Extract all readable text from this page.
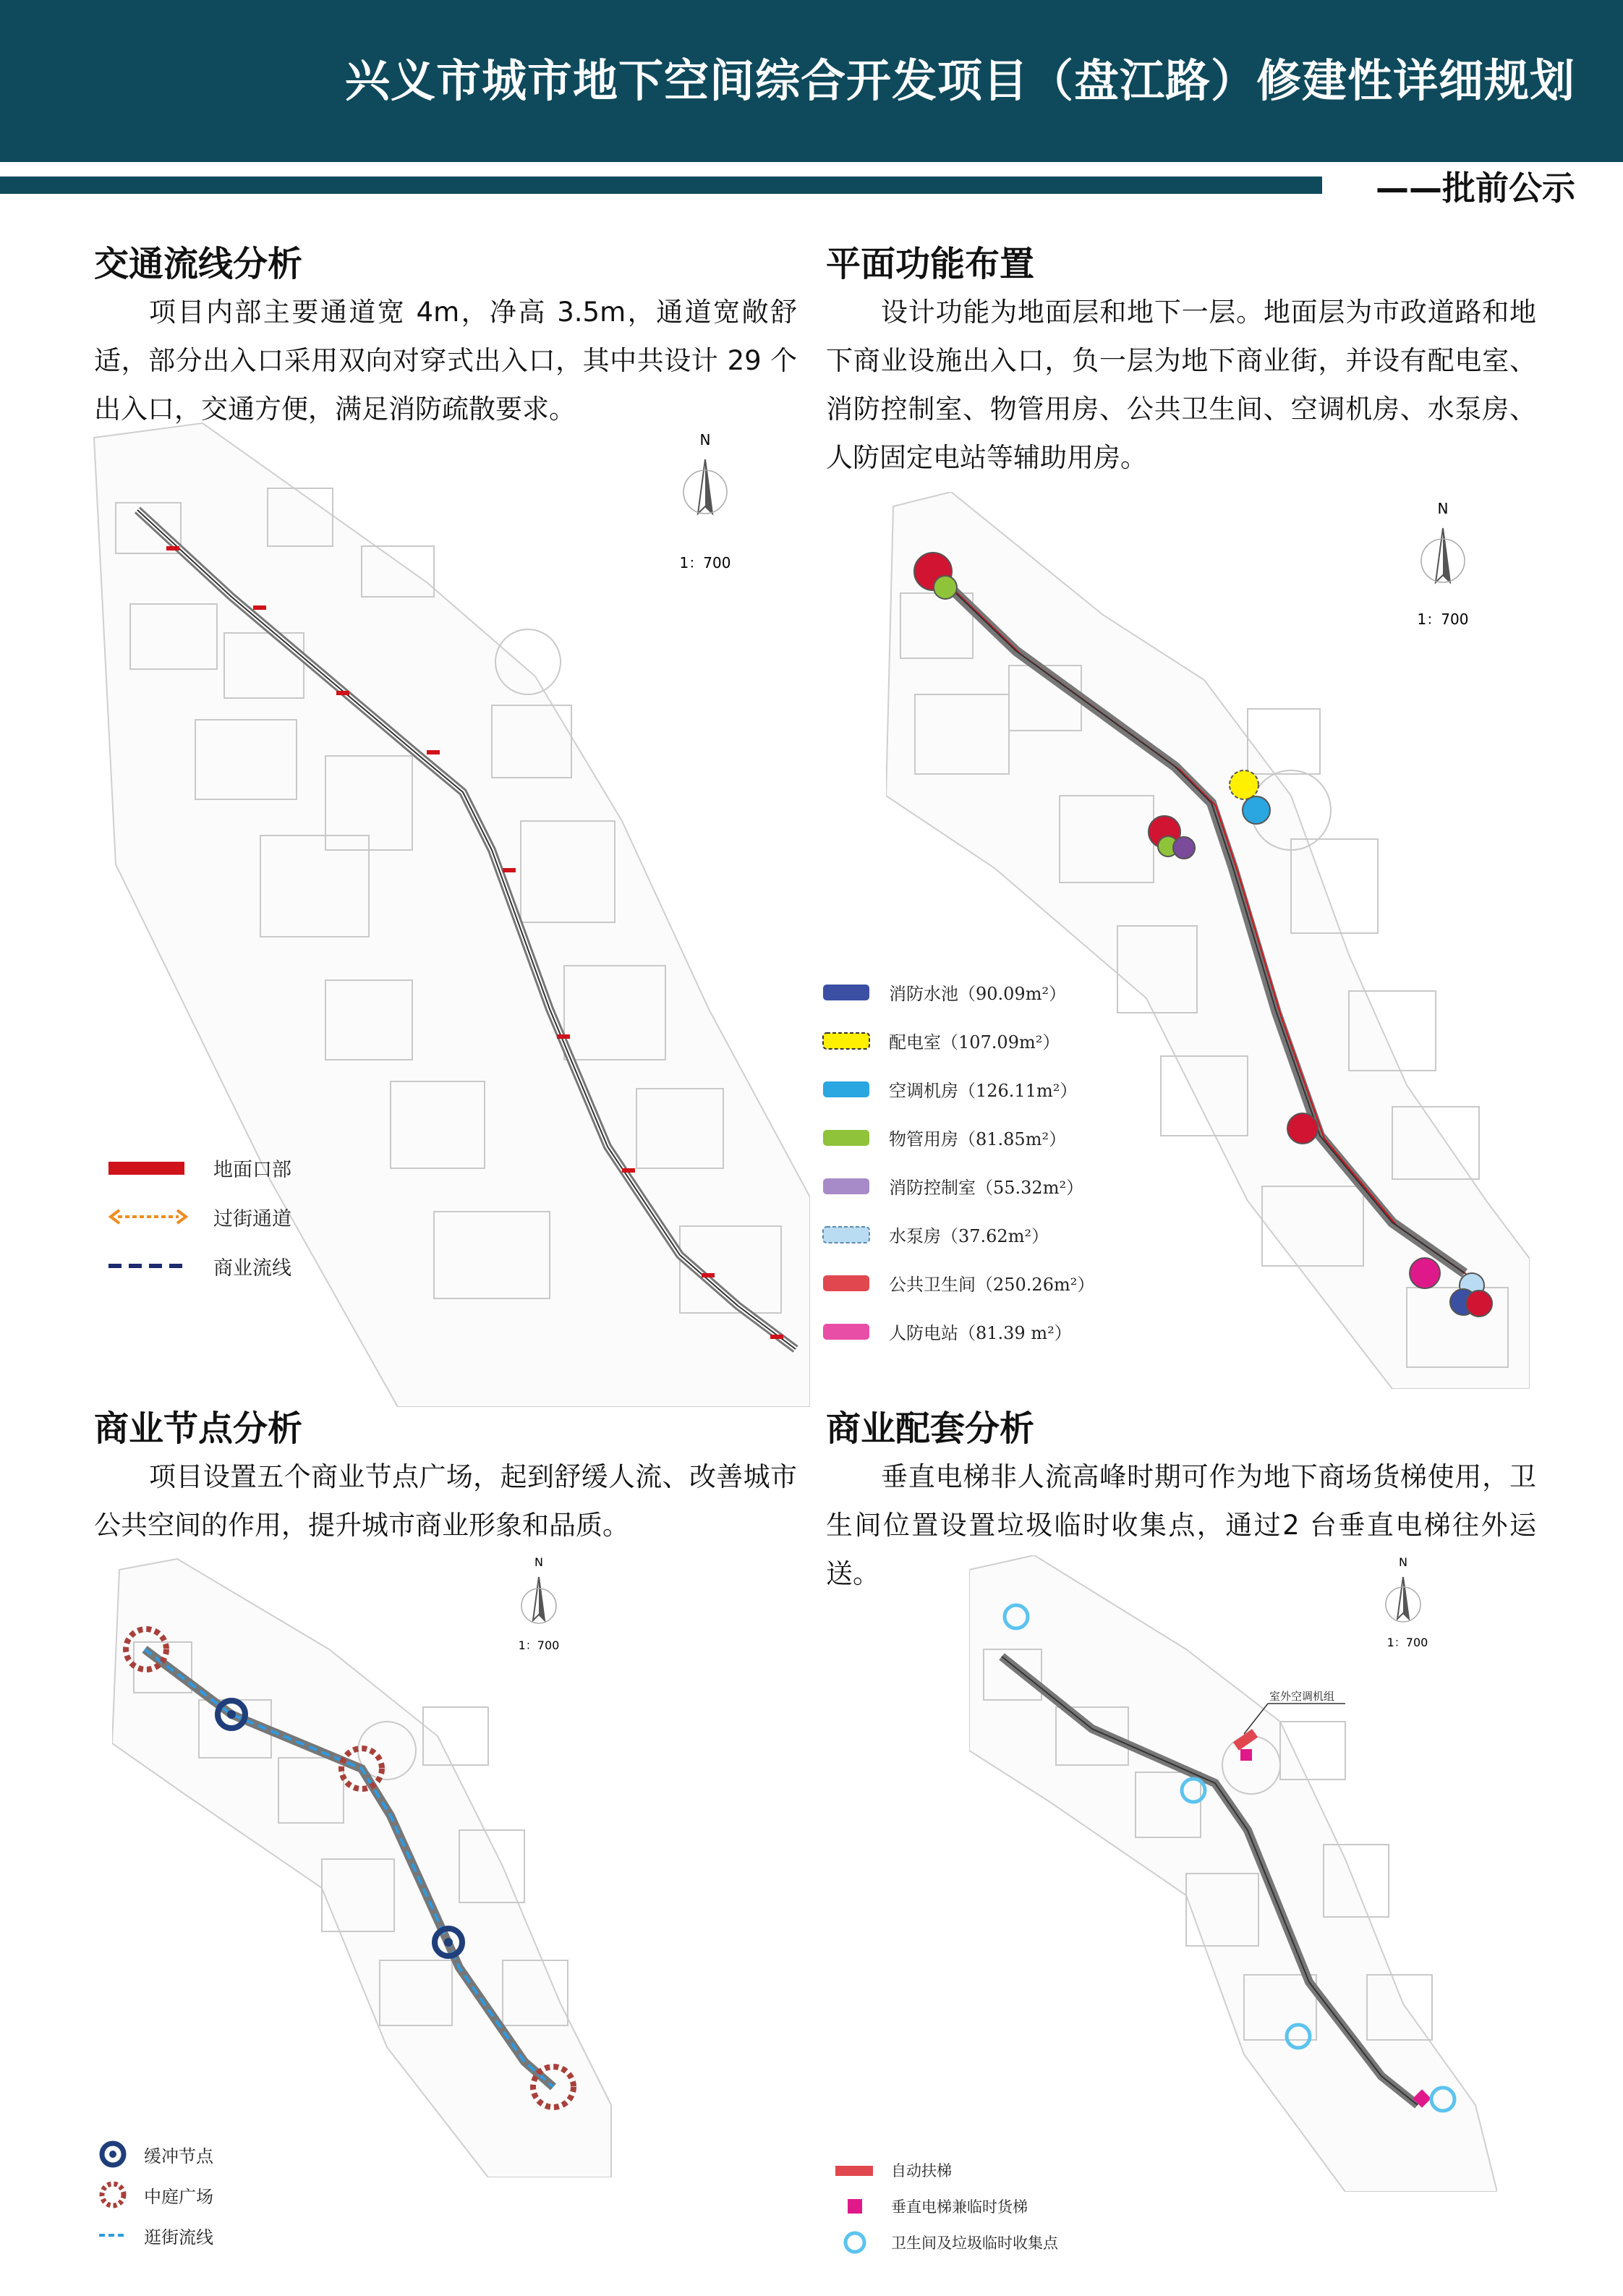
兴义市城市地下空间综合开发项目（盘江路）修建性详细规划
——批前公示
交通流线分析
项目内部主要通道宽 4m，净高 3.5m，通道宽敞舒适，部分出入口采用双向对穿式出入口，其中共设计 29 个出入口，交通方便，满足消防疏散要求。
N
1：700
地面口部
过街通道
商业流线
平面功能布置
设计功能为地面层和地下一层。地面层为市政道路和地下商业设施出入口，负一层为地下商业街，并设有配电室、消防控制室、物管用房、公共卫生间、空调机房、水泵房、人防固定电站等辅助用房。
N
1：700
消防水池（90.09m²）
配电室（107.09m²）
空调机房（126.11m²）
物管用房（81.85m²）
消防控制室（55.32m²）
水泵房（37.62m²）
公共卫生间（250.26m²）
人防电站（81.39 m²）
商业节点分析
项目设置五个商业节点广场，起到舒缓人流、改善城市公共空间的作用，提升城市商业形象和品质。
N
1：700
缓冲节点
中庭广场
逛街流线
商业配套分析
垂直电梯非人流高峰时期可作为地下商场货梯使用，卫生间位置设置垃圾临时收集点，通过2 台垂直电梯往外运送。
室外空调机组
N
1：700
自动扶梯
垂直电梯兼临时货梯
卫生间及垃圾临时收集点
